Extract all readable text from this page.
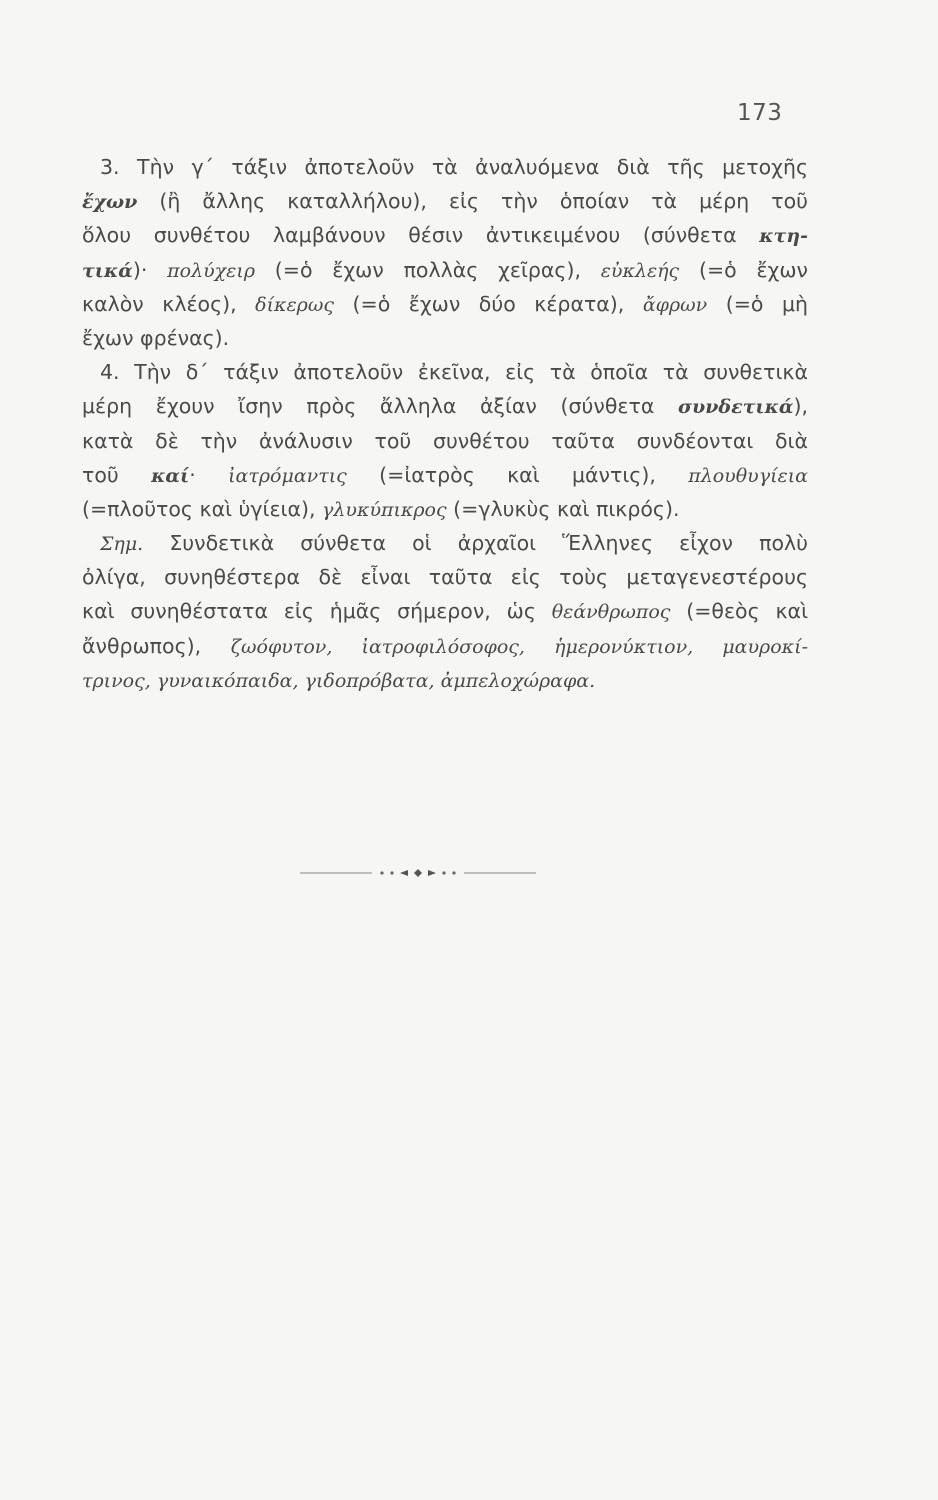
173
3. Τὴν γ΄ τάξιν ἀποτελοῦν τὰ ἀναλυόμενα διὰ τῆς μετοχῆς
ἔχων (ἢ ἄλλης καταλλήλου), εἰς τὴν ὁποίαν τὰ μέρη τοῦ
ὅλου συνθέτου λαμβάνουν θέσιν ἀντικειμένου (σύνθετα κτη-
τικά)· πολύχειρ (=ὁ ἔχων πολλὰς χεῖρας), εὐκλεής (=ὁ ἔχων
καλὸν κλέος), δίκερως (=ὁ ἔχων δύο κέρατα), ἄφρων (=ὁ μὴ
ἔχων φρένας).
4. Τὴν δ΄ τάξιν ἀποτελοῦν ἐκεῖνα, εἰς τὰ ὁποῖα τὰ συνθετικὰ
μέρη ἔχουν ἴσην πρὸς ἄλληλα ἀξίαν (σύνθετα συνδετικά),
κατὰ δὲ τὴν ἀνάλυσιν τοῦ συνθέτου ταῦτα συνδέονται διὰ
τοῦ καί· ἰατρόμαντις (=ἰατρὸς καὶ μάντις), πλουθυγίεια
(=πλοῦτος καὶ ὑγίεια), γλυκύπικρος (=γλυκὺς καὶ πικρός).
Σημ. Συνδετικὰ σύνθετα οἱ ἀρχαῖοι Ἕλληνες εἶχον πολὺ
ὀλίγα, συνηθέστερα δὲ εἶναι ταῦτα εἰς τοὺς μεταγενεστέρους
καὶ συνηθέστατα εἰς ἡμᾶς σήμερον, ὡς θεάνθρωπος (=θεὸς καὶ
ἄνθρωπος), ζωόφυτον, ἰατροφιλόσοφος, ἡμερονύκτιον, μαυροκί-
τρινος, γυναικόπαιδα, γιδοπρόβατα, ἀμπελοχώραφα.
